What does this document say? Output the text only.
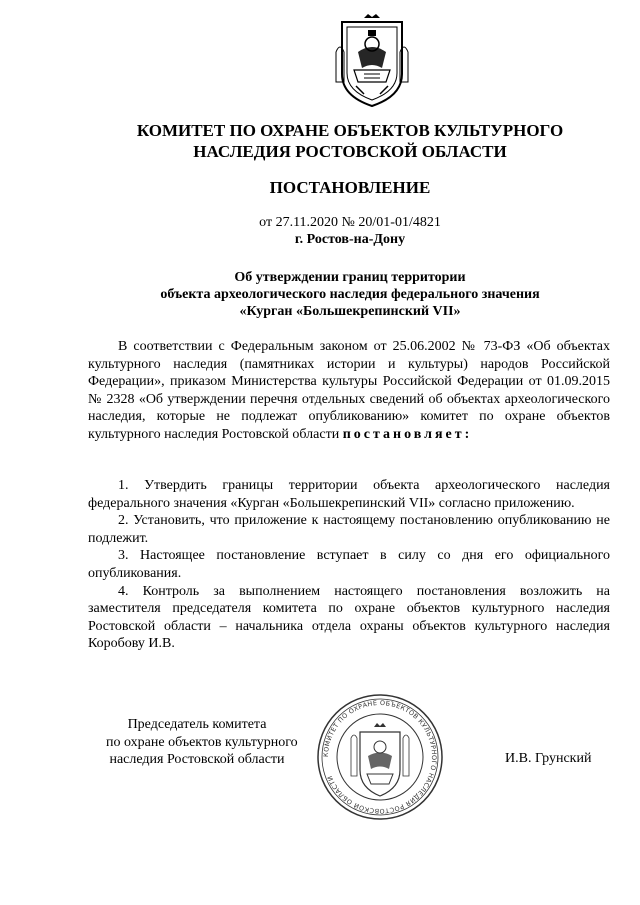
КОМИТЕТ ПО ОХРАНЕ ОБЪЕКТОВ КУЛЬТУРНОГО
НАСЛЕДИЯ РОСТОВСКОЙ ОБЛАСТИ
ПОСТАНОВЛЕНИЕ
от 27.11.2020 № 20/01-01/4821
г. Ростов-на-Дону
Об утверждении границ территории
объекта археологического наследия федерального значения
«Курган «Большекрепинский VII»
В соответствии с Федеральным законом от 25.06.2002 № 73-ФЗ «Об объектах культурного наследия (памятниках истории и культуры) народов Российской Федерации», приказом Министерства культуры Российской Федерации от 01.09.2015 № 2328 «Об утверждении перечня отдельных сведений об объектах археологического наследия, которые не подлежат опубликованию» комитет по охране объектов культурного наследия Ростовской области постановляет:

1. Утвердить границы территории объекта археологического наследия федерального значения «Курган «Большекрепинский VII» согласно приложению.

2. Установить, что приложение к настоящему постановлению опубликованию не подлежит.

3. Настоящее постановление вступает в силу со дня его официального опубликования.

4. Контроль за выполнением настоящего постановления возложить на заместителя председателя комитета по охране объектов культурного наследия Ростовской области – начальника отдела охраны объектов культурного наследия Коробову И.В.

Председатель комитета
по охране объектов культурного
наследия Ростовской области	КОМИТЕТ ПО ОХРАНЕ ОБЪЕКТОВ КУЛЬТУРНОГО НАСЛЕДИЯ РОСТОВСКОЙ ОБЛАСТИ
И.В. Грунский
